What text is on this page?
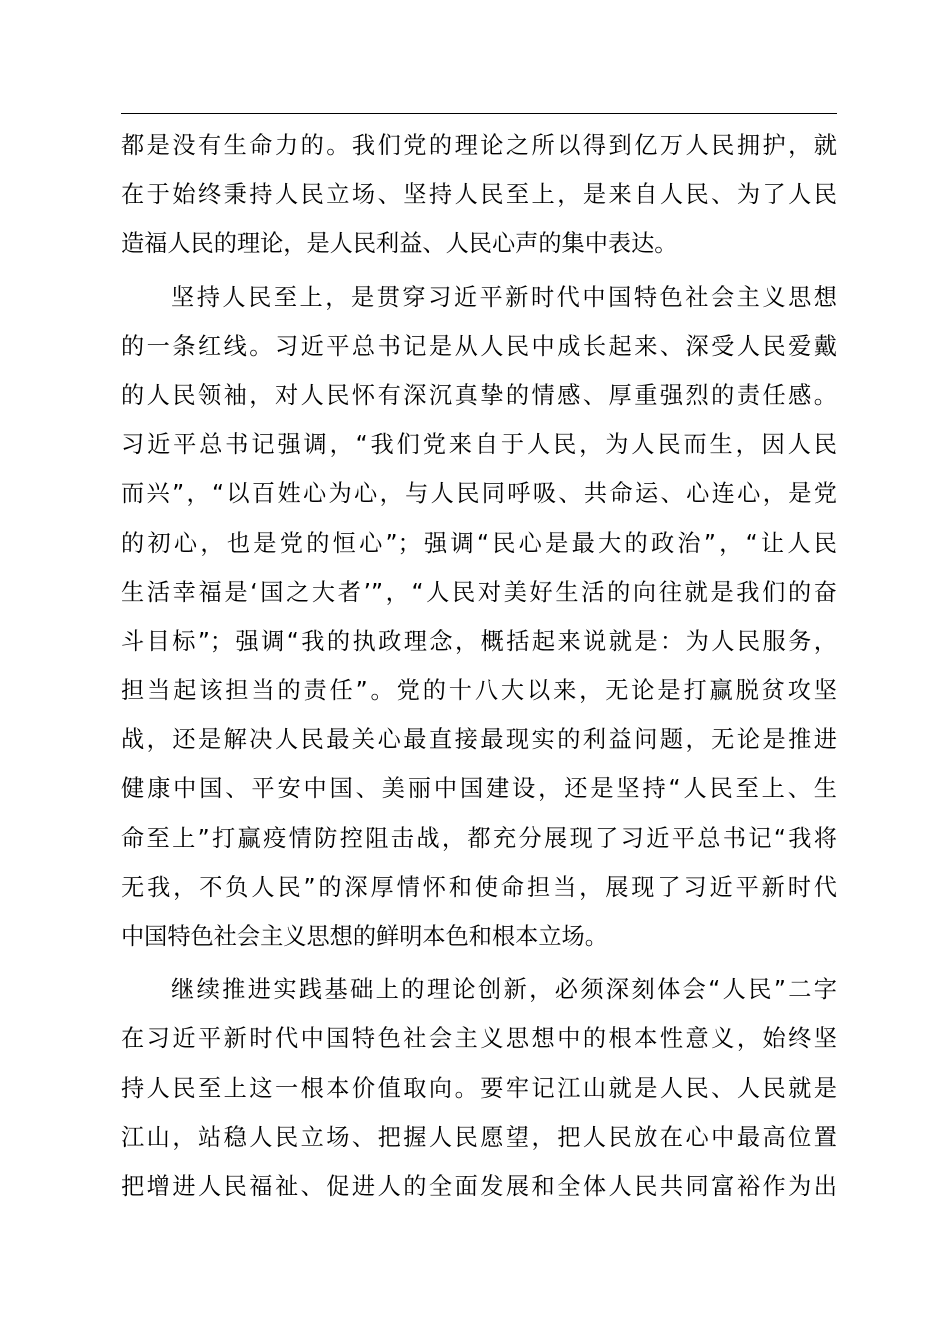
都是没有生命力的。我们党的理论之所以得到亿万人民拥护，就
在于始终秉持人民立场、坚持人民至上，是来自人民、为了人民
造福人民的理论，是人民利益、人民心声的集中表达。
坚持人民至上，是贯穿习近平新时代中国特色社会主义思想
的一条红线。习近平总书记是从人民中成长起来、深受人民爱戴
的人民领袖，对人民怀有深沉真挚的情感、厚重强烈的责任感。
习近平总书记强调，“我们党来自于人民，为人民而生，因人民
而兴”，“以百姓心为心，与人民同呼吸、共命运、心连心，是党
的初心，也是党的恒心”；强调“民心是最大的政治”，“让人民
生活幸福是‘国之大者’”，“人民对美好生活的向往就是我们的奋
斗目标”；强调“我的执政理念，概括起来说就是：为人民服务，
担当起该担当的责任”。党的十八大以来，无论是打赢脱贫攻坚
战，还是解决人民最关心最直接最现实的利益问题，无论是推进
健康中国、平安中国、美丽中国建设，还是坚持“人民至上、生
命至上”打赢疫情防控阻击战，都充分展现了习近平总书记“我将
无我，不负人民”的深厚情怀和使命担当，展现了习近平新时代
中国特色社会主义思想的鲜明本色和根本立场。
继续推进实践基础上的理论创新，必须深刻体会“人民”二字
在习近平新时代中国特色社会主义思想中的根本性意义，始终坚
持人民至上这一根本价值取向。要牢记江山就是人民、人民就是
江山，站稳人民立场、把握人民愿望，把人民放在心中最高位置
把增进人民福祉、促进人的全面发展和全体人民共同富裕作为出
